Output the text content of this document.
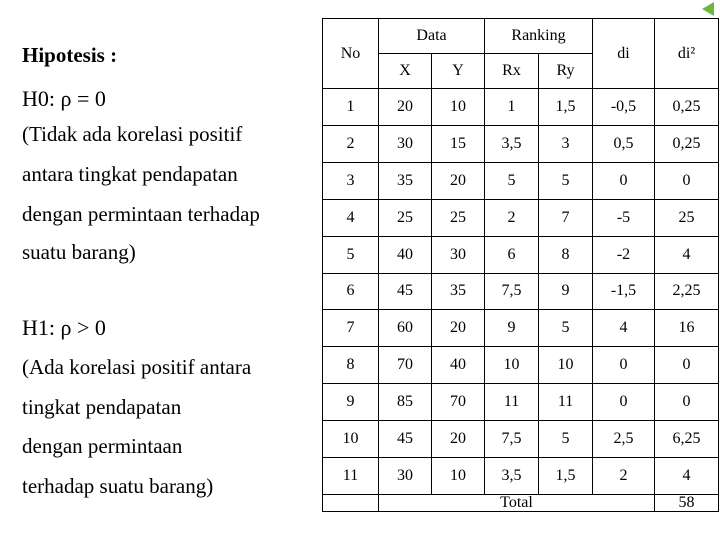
Hipotesis :
H0: ρ = 0
(Tidak ada korelasi positif
antara tingkat pendapatan
dengan permintaan terhadap
suatu barang)
H1: ρ > 0
(Ada korelasi positif antara
tingkat pendapatan
dengan permintaan
terhadap suatu barang)
No	Data		Ranking		di	di²
	X	Y	Rx	Ry		
1	20	10	1	1,5	-0,5	0,25
2	30	15	3,5	3	0,5	0,25
3	35	20	5	5	0	0
4	25	25	2	7	-5	25
5	40	30	6	8	-2	4
6	45	35	7,5	9	-1,5	2,25
7	60	20	9	5	4	16
8	70	40	10	10	0	0
9	85	70	11	11	0	0
10	45	20	7,5	5	2,5	6,25
11	30	10	3,5	1,5	2	4
	Total					58
